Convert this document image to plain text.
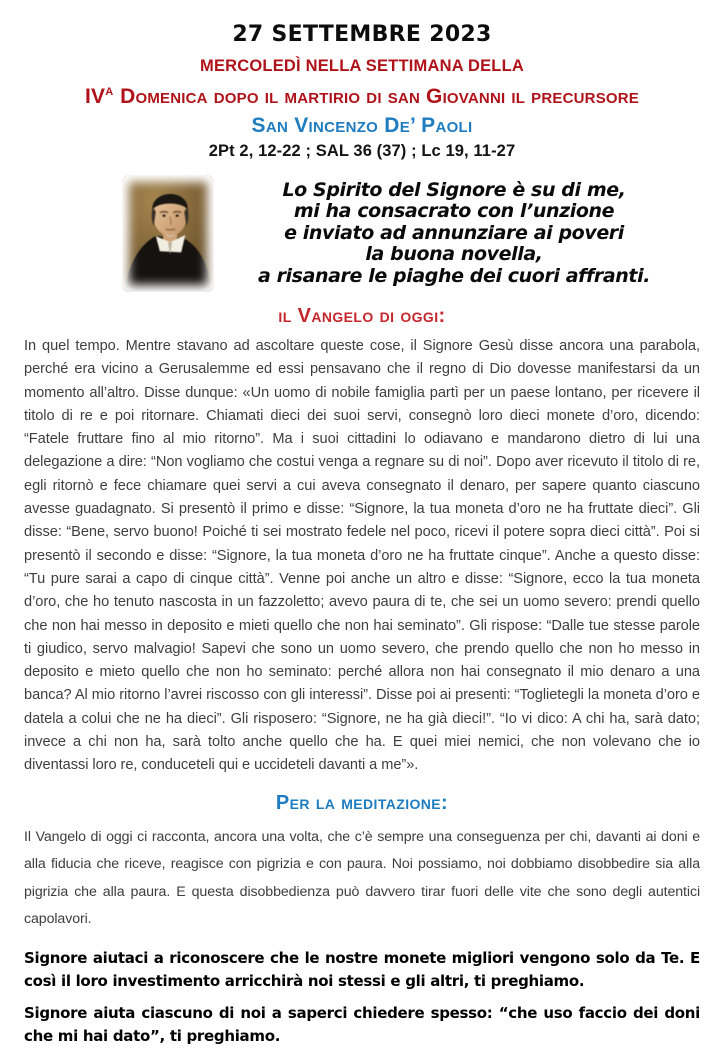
27 SETTEMBRE 2023
MERCOLEDÌ NELLA SETTIMANA DELLA
$IV^A$ Domenica dopo il martirio di san Giovanni il precursore
San Vincenzo De’ Paoli
2Pt 2, 12-22 ; SAL 36 (37) ; Lc 19, 11-27
Lo Spirito del Signore è su di me,
mi ha consacrato con l’unzione
e inviato ad annunziare ai poveri
la buona novella,
a risanare le piaghe dei cuori affranti.
il Vangelo di oggi:
In quel tempo. Mentre stavano ad ascoltare queste cose, il Signore Gesù disse ancora una parabola, perché era vicino a Gerusalemme ed essi pensavano che il regno di Dio dovesse manifestarsi da un momento all’altro. Disse dunque: «Un uomo di nobile famiglia partì per un paese lontano, per ricevere il titolo di re e poi ritornare. Chiamati dieci dei suoi servi, consegnò loro dieci monete d’oro, dicendo: “Fatele fruttare fino al mio ritorno”. Ma i suoi cittadini lo odiavano e mandarono dietro di lui una delegazione a dire: “Non vogliamo che costui venga a regnare su di noi”. Dopo aver ricevuto il titolo di re, egli ritornò e fece chiamare quei servi a cui aveva consegnato il denaro, per sapere quanto ciascuno avesse guadagnato. Si presentò il primo e disse: “Signore, la tua moneta d’oro ne ha fruttate dieci”. Gli disse: “Bene, servo buono! Poiché ti sei mostrato fedele nel poco, ricevi il potere sopra dieci città”. Poi si presentò il secondo e disse: “Signore, la tua moneta d’oro ne ha fruttate cinque”. Anche a questo disse: “Tu pure sarai a capo di cinque città”. Venne poi anche un altro e disse: “Signore, ecco la tua moneta d’oro, che ho tenuto nascosta in un fazzoletto; avevo paura di te, che sei un uomo severo: prendi quello che non hai messo in deposito e mieti quello che non hai seminato”. Gli rispose: “Dalle tue stesse parole ti giudico, servo malvagio! Sapevi che sono un uomo severo, che prendo quello che non ho messo in deposito e mieto quello che non ho seminato: perché allora non hai consegnato il mio denaro a una banca? Al mio ritorno l’avrei riscosso con gli interessi”. Disse poi ai presenti: “Toglietegli la moneta d’oro e datela a colui che ne ha dieci”. Gli risposero: “Signore, ne ha già dieci!”. “Io vi dico: A chi ha, sarà dato; invece a chi non ha, sarà tolto anche quello che ha. E quei miei nemici, che non volevano che io diventassi loro re, conduceteli qui e uccideteli davanti a me”».
Per la meditazione:
Il Vangelo di oggi ci racconta, ancora una volta, che c’è sempre una conseguenza per chi, davanti ai doni e alla fiducia che riceve, reagisce con pigrizia e con paura. Noi possiamo, noi dobbiamo disobbedire sia alla pigrizia che alla paura. E questa disobbedienza può davvero tirar fuori delle vite che sono degli autentici capolavori.

Signore aiutaci a riconoscere che le nostre monete migliori vengono solo da Te. E così il loro investimento arricchirà noi stessi e gli altri, ti preghiamo.

Signore aiuta ciascuno di noi a saperci chiedere spesso: “che uso faccio dei doni che mi hai dato”, ti preghiamo.
